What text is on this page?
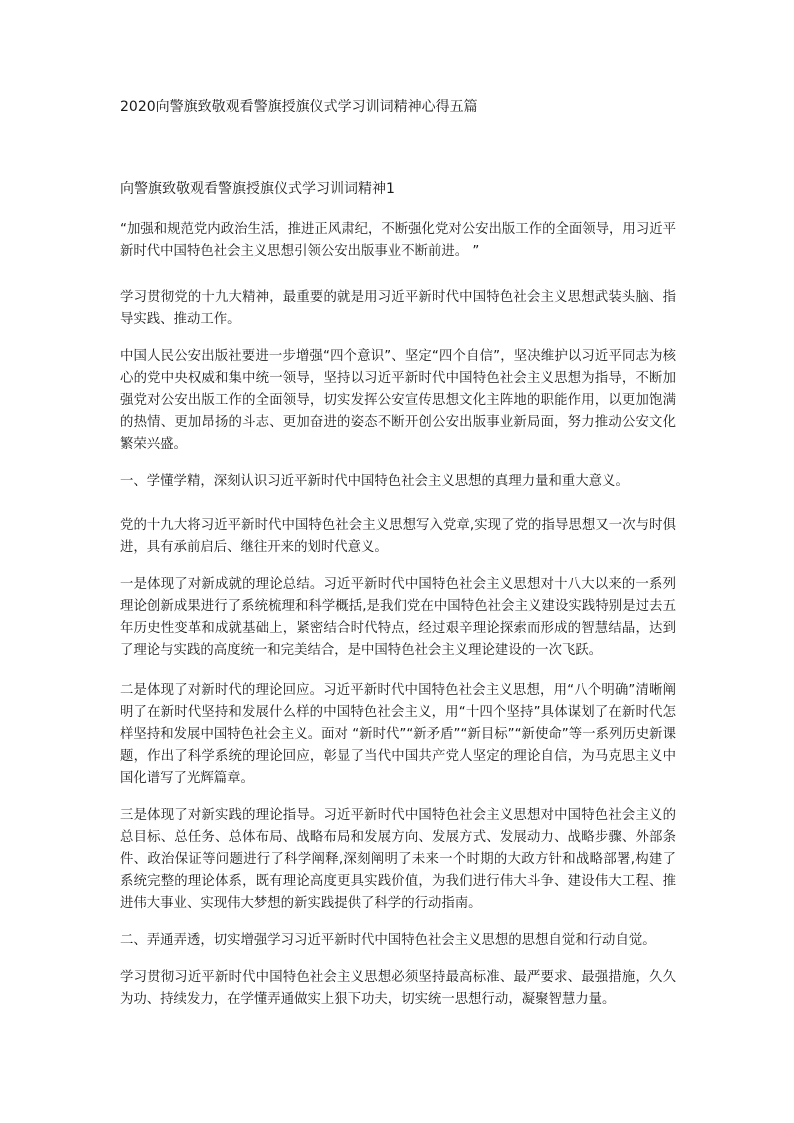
2020向警旗致敬观看警旗授旗仪式学习训词精神心得五篇
向警旗致敬观看警旗授旗仪式学习训词精神1

“加强和规范党内政治生活，推进正风肃纪，不断强化党对公安出版工作的全面领导，用习近平新时代中国特色社会主义思想引领公安出版事业不断前进。 ”

学习贯彻党的十九大精神，最重要的就是用习近平新时代中国特色社会主义思想武装头脑、指导实践、推动工作。

中国人民公安出版社要进一步增强“四个意识”、坚定“四个自信”，坚决维护以习近平同志为核心的党中央权威和集中统一领导，坚持以习近平新时代中国特色社会主义思想为指导，不断加强党对公安出版工作的全面领导，切实发挥公安宣传思想文化主阵地的职能作用，以更加饱满的热情、更加昂扬的斗志、更加奋进的姿态不断开创公安出版事业新局面，努力推动公安文化繁荣兴盛。

一、学懂学精，深刻认识习近平新时代中国特色社会主义思想的真理力量和重大意义。

党的十九大将习近平新时代中国特色社会主义思想写入党章,实现了党的指导思想又一次与时俱进，具有承前启后、继往开来的划时代意义。

一是体现了对新成就的理论总结。习近平新时代中国特色社会主义思想对十八大以来的一系列理论创新成果进行了系统梳理和科学概括,是我们党在中国特色社会主义建设实践特别是过去五年历史性变革和成就基础上，紧密结合时代特点，经过艰辛理论探索而形成的智慧结晶，达到了理论与实践的高度统一和完美结合，是中国特色社会主义理论建设的一次飞跃。

二是体现了对新时代的理论回应。习近平新时代中国特色社会主义思想，用“八个明确”清晰阐明了在新时代坚持和发展什么样的中国特色社会主义，用“十四个坚持”具体谋划了在新时代怎样坚持和发展中国特色社会主义。面对 “新时代”“新矛盾”“新目标”“新使命”等一系列历史新课题，作出了科学系统的理论回应，彰显了当代中国共产党人坚定的理论自信，为马克思主义中国化谱写了光辉篇章。

三是体现了对新实践的理论指导。习近平新时代中国特色社会主义思想对中国特色社会主义的总目标、总任务、总体布局、战略布局和发展方向、发展方式、发展动力、战略步骤、外部条件、政治保证等问题进行了科学阐释,深刻阐明了未来一个时期的大政方针和战略部署,构建了系统完整的理论体系，既有理论高度更具实践价值，为我们进行伟大斗争、建设伟大工程、推进伟大事业、实现伟大梦想的新实践提供了科学的行动指南。

二、弄通弄透，切实增强学习习近平新时代中国特色社会主义思想的思想自觉和行动自觉。

学习贯彻习近平新时代中国特色社会主义思想必须坚持最高标准、最严要求、最强措施，久久为功、持续发力，在学懂弄通做实上狠下功夫，切实统一思想行动，凝聚智慧力量。
